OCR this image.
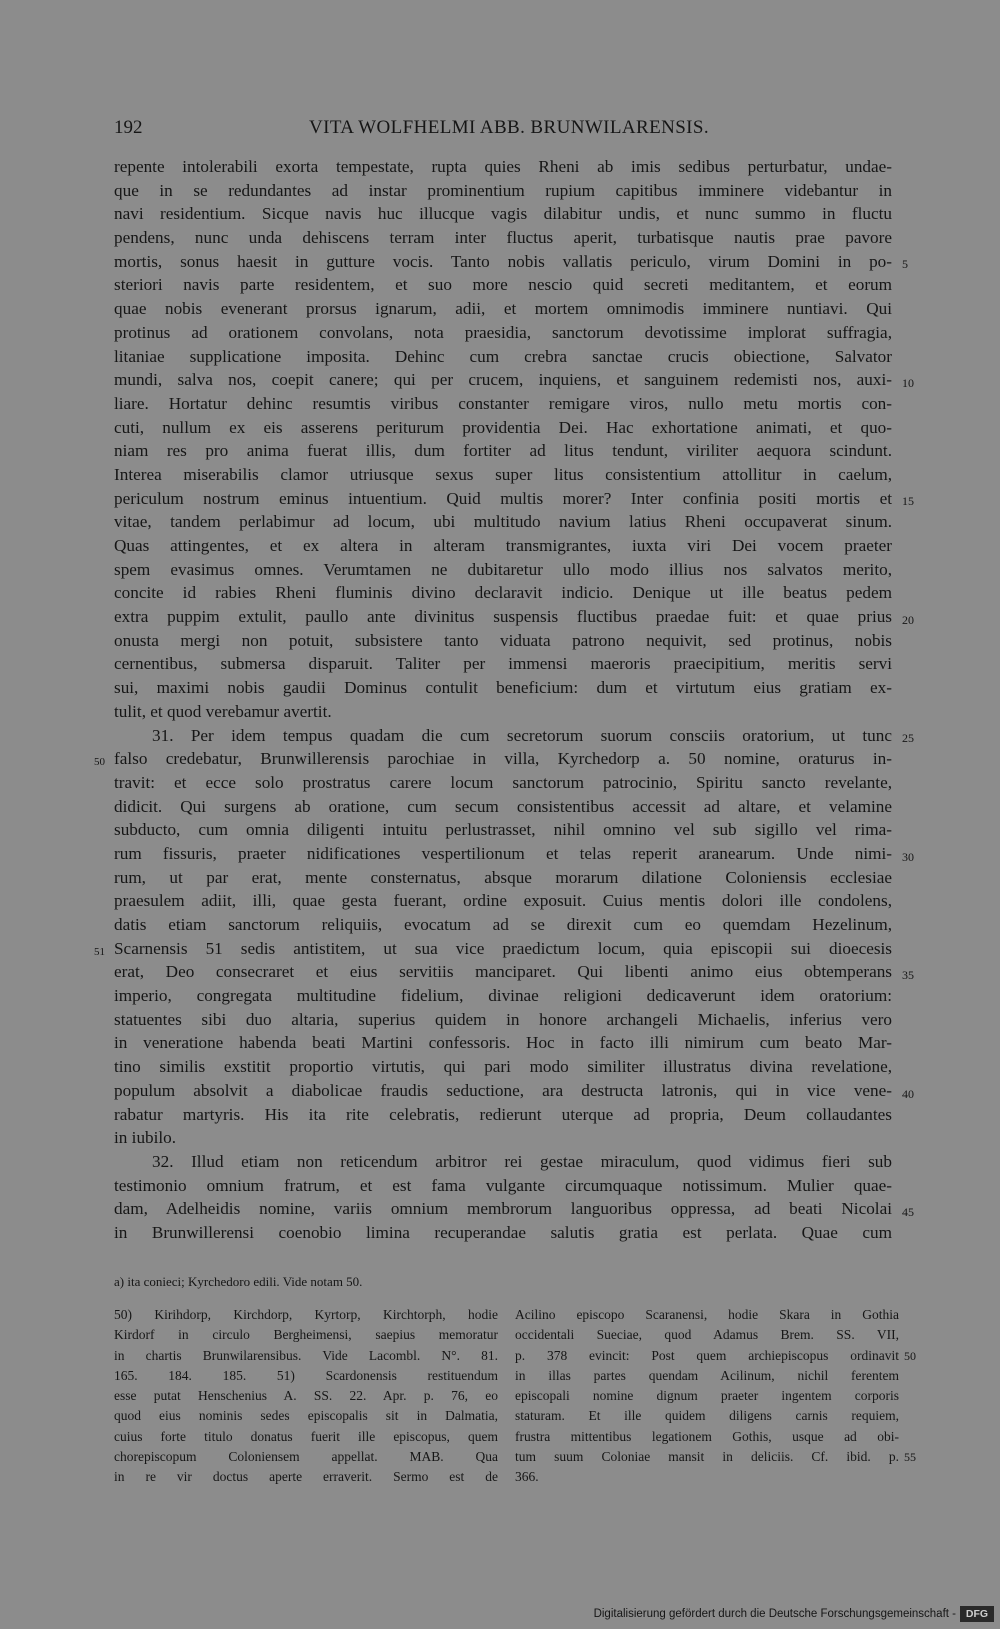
192	VITA WOLFHELMI ABB. BRUNWILARENSIS.
repente intolerabili exorta tempestate, rupta quies Rheni ab imis sedibus perturbatur, undae-
que in se redundantes ad instar prominentium rupium capitibus imminere videbantur in
navi residentium. Sicque navis huc illucque vagis dilabitur undis, et nunc summo in fluctu
pendens, nunc unda dehiscens terram inter fluctus aperit, turbatisque nautis prae pavore
mortis, sonus haesit in gutture vocis. Tanto nobis vallatis periculo, virum Domini in po-
steriori navis parte residentem, et suo more nescio quid secreti meditantem, et eorum
quae nobis evenerant prorsus ignarum, adii, et mortem omnimodis imminere nuntiavi. Qui
protinus ad orationem convolans, nota praesidia, sanctorum devotissime implorat suffragia,
litaniae supplicatione imposita. Dehinc cum crebra sanctae crucis obiectione, Salvator
mundi, salva nos, coepit canere; qui per crucem, inquiens, et sanguinem redemisti nos, auxi-
liare. Hortatur dehinc resumtis viribus constanter remigare viros, nullo metu mortis con-
cuti, nullum ex eis asserens periturum providentia Dei. Hac exhortatione animati, et quo-
niam res pro anima fuerat illis, dum fortiter ad litus tendunt, viriliter aequora scindunt.
Interea miserabilis clamor utriusque sexus super litus consistentium attollitur in caelum,
periculum nostrum eminus intuentium. Quid multis morer? Inter confinia positi mortis et
vitae, tandem perlabimur ad locum, ubi multitudo navium latius Rheni occupaverat sinum.
Quas attingentes, et ex altera in alteram transmigrantes, iuxta viri Dei vocem praeter
spem evasimus omnes. Verumtamen ne dubitaretur ullo modo illius nos salvatos merito,
concite id rabies Rheni fluminis divino declaravit indicio. Denique ut ille beatus pedem
extra puppim extulit, paullo ante divinitus suspensis fluctibus praedae fuit: et quae prius
onusta mergi non potuit, subsistere tanto viduata patrono nequivit, sed protinus, nobis
cernentibus, submersa disparuit. Taliter per immensi maeroris praecipitium, meritis servi
sui, maximi nobis gaudii Dominus contulit beneficium: dum et virtutum eius gratiam ex-
tulit, et quod verebamur avertit.
31. Per idem tempus quadam die cum secretorum suorum consciis oratorium, ut tunc
falso credebatur, Brunwillerensis parochiae in villa, Kyrchedorp a. 50 nomine, oraturus in-
travit: et ecce solo prostratus carere locum sanctorum patrocinio, Spiritu sancto revelante,
didicit. Qui surgens ab oratione, cum secum consistentibus accessit ad altare, et velamine
subducto, cum omnia diligenti intuitu perlustrasset, nihil omnino vel sub sigillo vel rima-
rum fissuris, praeter nidificationes vespertilionum et telas reperit aranearum. Unde nimi-
rum, ut par erat, mente consternatus, absque morarum dilatione Coloniensis ecclesiae
praesulem adiit, illi, quae gesta fuerant, ordine exposuit. Cuius mentis dolori ille condolens,
datis etiam sanctorum reliquiis, evocatum ad se direxit cum eo quemdam Hezelinum,
Scarnensis 51 sedis antistitem, ut sua vice praedictum locum, quia episcopii sui dioecesis
erat, Deo consecraret et eius servitiis manciparet. Qui libenti animo eius obtemperans
imperio, congregata multitudine fidelium, divinae religioni dedicaverunt idem oratorium:
statuentes sibi duo altaria, superius quidem in honore archangeli Michaelis, inferius vero
in veneratione habenda beati Martini confessoris. Hoc in facto illi nimirum cum beato Mar-
tino similis exstitit proportio virtutis, qui pari modo similiter illustratus divina revelatione,
populum absolvit a diabolicae fraudis seductione, ara destructa latronis, qui in vice vene-
rabatur martyris. His ita rite celebratis, redierunt uterque ad propria, Deum collaudantes
in iubilo.
32. Illud etiam non reticendum arbitror rei gestae miraculum, quod vidimus fieri sub
testimonio omnium fratrum, et est fama vulgante circumquaque notissimum. Mulier quae-
dam, Adelheidis nomine, variis omnium membrorum languoribus oppressa, ad beati Nicolai
in Brunwillerensi coenobio limina recuperandae salutis gratia est perlata. Quae cum
5
10
15
20
25
30
35
40
45
50
51
a) ita conieci; Kyrchedoro edili. Vide notam 50.
50) Kirihdorp, Kirchdorp, Kyrtorp, Kirchtorph, hodie
Kirdorf in circulo Bergheimensi, saepius memoratur
in chartis Brunwilarensibus. Vide Lacombl. N°. 81.
165. 184. 185. 51) Scardonensis restituendum
esse putat Henschenius A. SS. 22. Apr. p. 76, eo
quod eius nominis sedes episcopalis sit in Dalmatia,
cuius forte titulo donatus fuerit ille episcopus, quem
chorepiscopum Coloniensem appellat. MAB. Qua
in re vir doctus aperte erraverit. Sermo est de
Acilino episcopo Scaranensi, hodie Skara in Gothia
occidentali Sueciae, quod Adamus Brem. SS. VII,
p. 378 evincit: Post quem archiepiscopus ordinavit
in illas partes quendam Acilinum, nichil ferentem
episcopali nomine dignum praeter ingentem corporis
staturam. Et ille quidem diligens carnis requiem,
frustra mittentibus legationem Gothis, usque ad obi-
tum suum Coloniae mansit in deliciis. Cf. ibid. p.
366.
50
55
Digitalisierung gefördert durch die Deutsche Forschungsgemeinschaft - DFG
